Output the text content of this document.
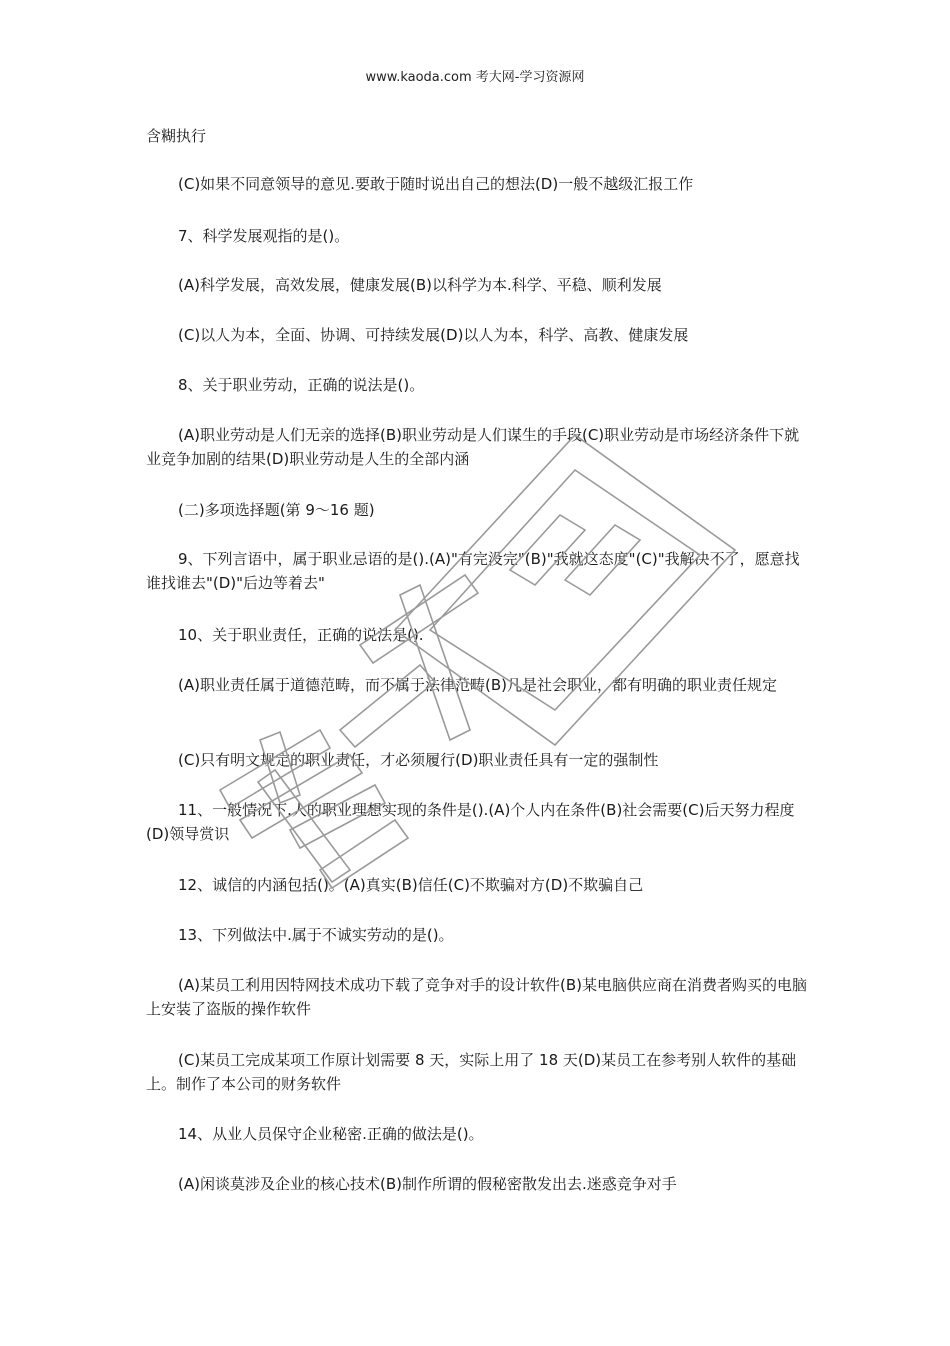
www.kaoda.com 考大网-学习资源网
含糊执行
(C)如果不同意领导的意见.要敢于随时说出自己的想法(D)一般不越级汇报工作
7、科学发展观指的是()。
(A)科学发展，高效发展，健康发展(B)以科学为本.科学、平稳、顺利发展
(C)以人为本，全面、协调、可持续发展(D)以人为本，科学、高教、健康发展
8、关于职业劳动，正确的说法是()。
(A)职业劳动是人们无亲的选择(B)职业劳动是人们谋生的手段(C)职业劳动是市场经济条件下就业竞争加剧的结果(D)职业劳动是人生的全部内涵
(二)多项选择题(第 9～16 题)
9、下列言语中，属于职业忌语的是().(A)"有完没完"(B)"我就这态度"(C)"我解决不了，愿意找谁找谁去"(D)"后边等着去"
10、关于职业责任，正确的说法是().
(A)职业责任属于道德范畴，而不属于法律范畴(B)凡是社会职业，都有明确的职业责任规定
(C)只有明文规定的职业责任，才必须履行(D)职业责任具有一定的强制性
11、一般情况下.人的职业理想实现的条件是().(A)个人内在条件(B)社会需要(C)后天努力程度(D)领导赏识
12、诚信的内涵包括()。(A)真实(B)信任(C)不欺骗对方(D)不欺骗自己
13、下列做法中.属于不诚实劳动的是()。
(A)某员工利用因特网技术成功下载了竞争对手的设计软件(B)某电脑供应商在消费者购买的电脑上安装了盗版的操作软件
(C)某员工完成某项工作原计划需要 8 天，实际上用了 18 天(D)某员工在参考别人软件的基础上。制作了本公司的财务软件
14、从业人员保守企业秘密.正确的做法是()。
(A)闲谈莫涉及企业的核心技术(B)制作所谓的假秘密散发出去.迷惑竞争对手
